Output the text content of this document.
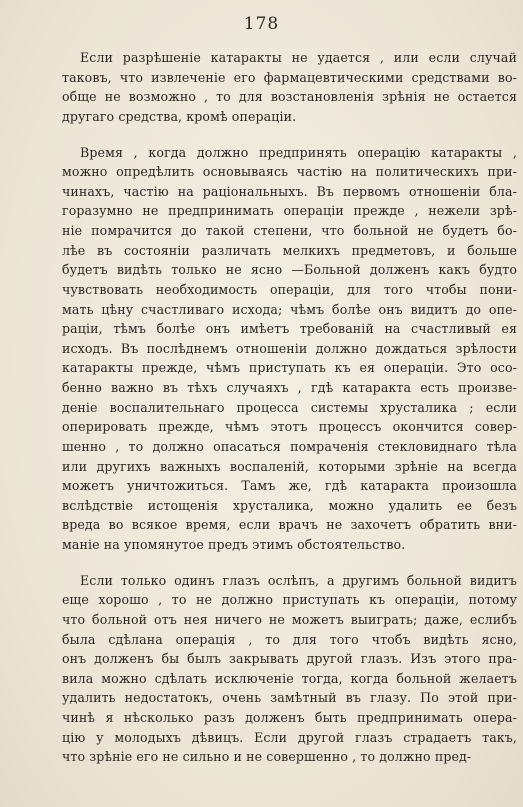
178

Если разрѣшеніе катаракты не удается , или если случай
таковъ, что извлеченіе его фармацевтическими средствами во-
обще не возможно , то для возстановленія зрѣнія не остается
другаго средства, кромѣ операціи.

Время , когда должно предпринять операцію катаракты ,
можно опредѣлить основываясь частію на политическихъ при-
чинахъ, частію на раціональныхъ. Въ первомъ отношеніи бла-
горазумно не предпринимать операціи прежде , нежели зрѣ-
ніе помрачится до такой степени, что больной не будетъ бо-
лѣе въ состояніи различать мелкихъ предметовъ, и больше
будетъ видѣть только не ясно —Больной долженъ какъ будто
чувствовать необходимость операціи, для того чтобы пони-
мать цѣну счастливаго исхода; чѣмъ болѣе онъ видитъ до опе-
раціи, тѣмъ болѣе онъ имѣетъ требованій на счастливый ея
исходъ. Въ послѣднемъ отношеніи должно дождаться зрѣлости
катаракты прежде, чѣмъ приступать къ ея операціи. Это осо-
бенно важно въ тѣхъ случаяхъ , гдѣ катаракта есть произве-
деніе воспалительнаго процесса системы хрусталика ; если
оперировать прежде, чѣмъ этотъ процессъ окончится совер-
шенно , то должно опасаться помраченія стекловиднаго тѣла
или другихъ важныхъ воспаленій, которыми зрѣніе на всегда
можетъ уничтожиться. Тамъ же, гдѣ катаракта произошла
вслѣдствіе истощенія хрусталика, можно удалить ее безъ
вреда во всякое время, если врачъ не захочетъ обратить вни-
маніе на упомянутое предъ этимъ обстоятельство.

Если только одинъ глазъ ослѣпъ, а другимъ больной видитъ
еще хорошо , то не должно приступать къ операціи, потому
что больной отъ нея ничего не можетъ выиграть; даже, еслибъ
была сдѣлана операція , то для того чтобъ видѣть ясно,
онъ долженъ бы былъ закрывать другой глазъ. Изъ этого пра-
вила можно сдѣлать исключеніе тогда, когда больной желаетъ
удалить недостатокъ, очень замѣтный въ глазу. По этой при-
чинѣ я нѣсколько разъ долженъ быть предпринимать опера-
цію у молодыхъ дѣвицъ. Если другой глазъ страдаетъ такъ,
что зрѣніе его не сильно и не совершенно , то должно пред-
